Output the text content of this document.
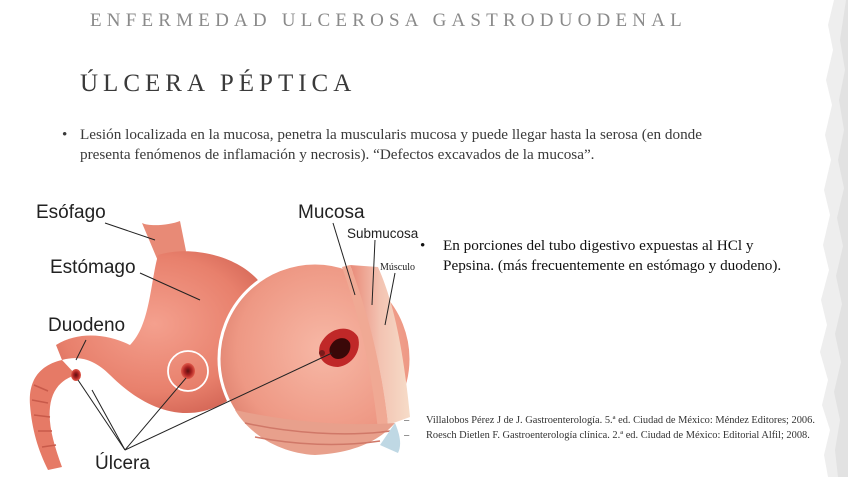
ENFERMEDAD ULCEROSA GASTRODUODENAL
ÚLCERA PÉPTICA
• Lesión localizada en la mucosa, penetra la muscularis mucosa y puede llegar hasta la serosa (en donde presenta fenómenos de inflamación y necrosis). “Defectos excavados de la mucosa”.
Esófago
Estómago
Duodeno
Úlcera
Mucosa
Submucosa
Músculo
• En porciones del tubo digestivo expuestas al HCl y Pepsina. (más frecuentemente en estómago y duodeno).
– Villalobos Pérez J de J. Gastroenterología. 5.ª ed. Ciudad de México: Méndez Editores; 2006.
– Roesch Dietlen F. Gastroenterología clínica. 2.ª ed. Ciudad de México: Editorial Alfil; 2008.
